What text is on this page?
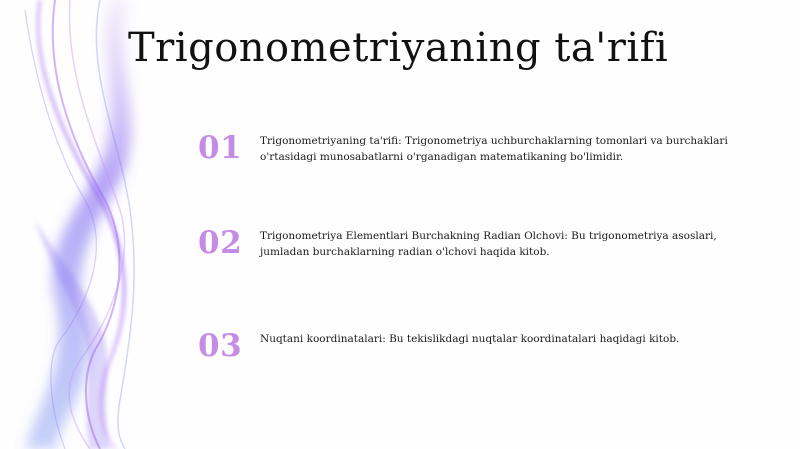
Trigonometriyaning ta'rifi
01 Trigonometriyaning ta'rifi: Trigonometriya uchburchaklarning tomonlari va burchaklari o'rtasidagi munosabatlarni o'rganadigan matematikaning bo'limidir.

02 Trigonometriya Elementlari Burchakning Radian Olchovi: Bu trigonometriya asoslari, jumladan burchaklarning radian o'lchovi haqida kitob.

03 Nuqtani koordinatalari: Bu tekislikdagi nuqtalar koordinatalari haqidagi kitob.
